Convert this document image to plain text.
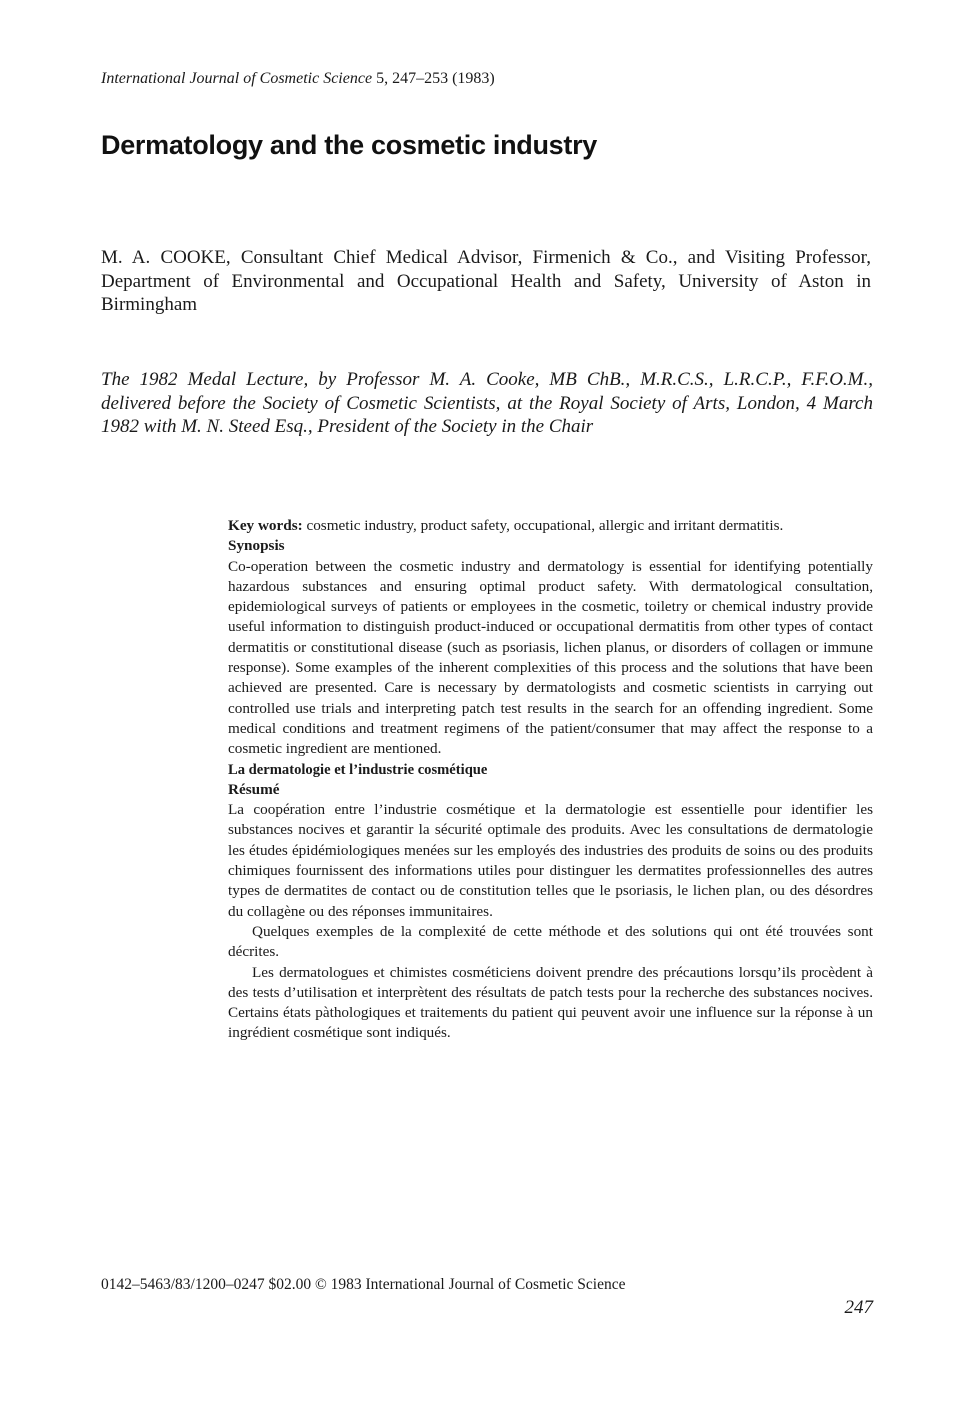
International Journal of Cosmetic Science 5, 247–253 (1983)
Dermatology and the cosmetic industry

M. A. COOKE, Consultant Chief Medical Advisor, Firmenich & Co., and Visiting Professor, Department of Environmental and Occupational Health and Safety, University of Aston in Birmingham

The 1982 Medal Lecture, by Professor M. A. Cooke, MB ChB., M.R.C.S., L.R.C.P., F.F.O.M., delivered before the Society of Cosmetic Scientists, at the Royal Society of Arts, London, 4 March 1982 with M. N. Steed Esq., President of the Society in the Chair

Key words: cosmetic industry, product safety, occupational, allergic and irritant dermatitis.

Synopsis

Co-operation between the cosmetic industry and dermatology is essential for identifying potentially hazardous substances and ensuring optimal product safety. With dermatological consultation, epidemiological surveys of patients or employees in the cosmetic, toiletry or chemical industry provide useful information to distinguish product-induced or occupational dermatitis from other types of contact dermatitis or constitutional disease (such as psoriasis, lichen planus, or disorders of collagen or immune response). Some examples of the inherent complexities of this process and the solutions that have been achieved are presented. Care is necessary by dermatologists and cosmetic scientists in carrying out controlled use trials and interpreting patch test results in the search for an offending ingredient. Some medical conditions and treatment regimens of the patient/consumer that may affect the response to a cosmetic ingredient are mentioned.

La dermatologie et l’industrie cosmétique

Résumé

La coopération entre l’industrie cosmétique et la dermatologie est essentielle pour identifier les substances nocives et garantir la sécurité optimale des produits. Avec les consultations de dermatologie les études épidémiologiques menées sur les employés des industries des produits de soins ou des produits chimiques fournissent des informations utiles pour distinguer les dermatites professionnelles des autres types de dermatites de contact ou de constitution telles que le psoriasis, le lichen plan, ou des désordres du collagène ou des réponses immunitaires.

Quelques exemples de la complexité de cette méthode et des solutions qui ont été trouvées sont décrites.

Les dermatologues et chimistes cosméticiens doivent prendre des précautions lorsqu’ils procèdent à des tests d’utilisation et interprètent des résultats de patch tests pour la recherche des substances nocives. Certains états pàthologiques et traitements du patient qui peuvent avoir une influence sur la réponse à un ingrédient cosmétique sont indiqués.

0142–5463/83/1200–0247 $02.00 © 1983 International Journal of Cosmetic Science
247
